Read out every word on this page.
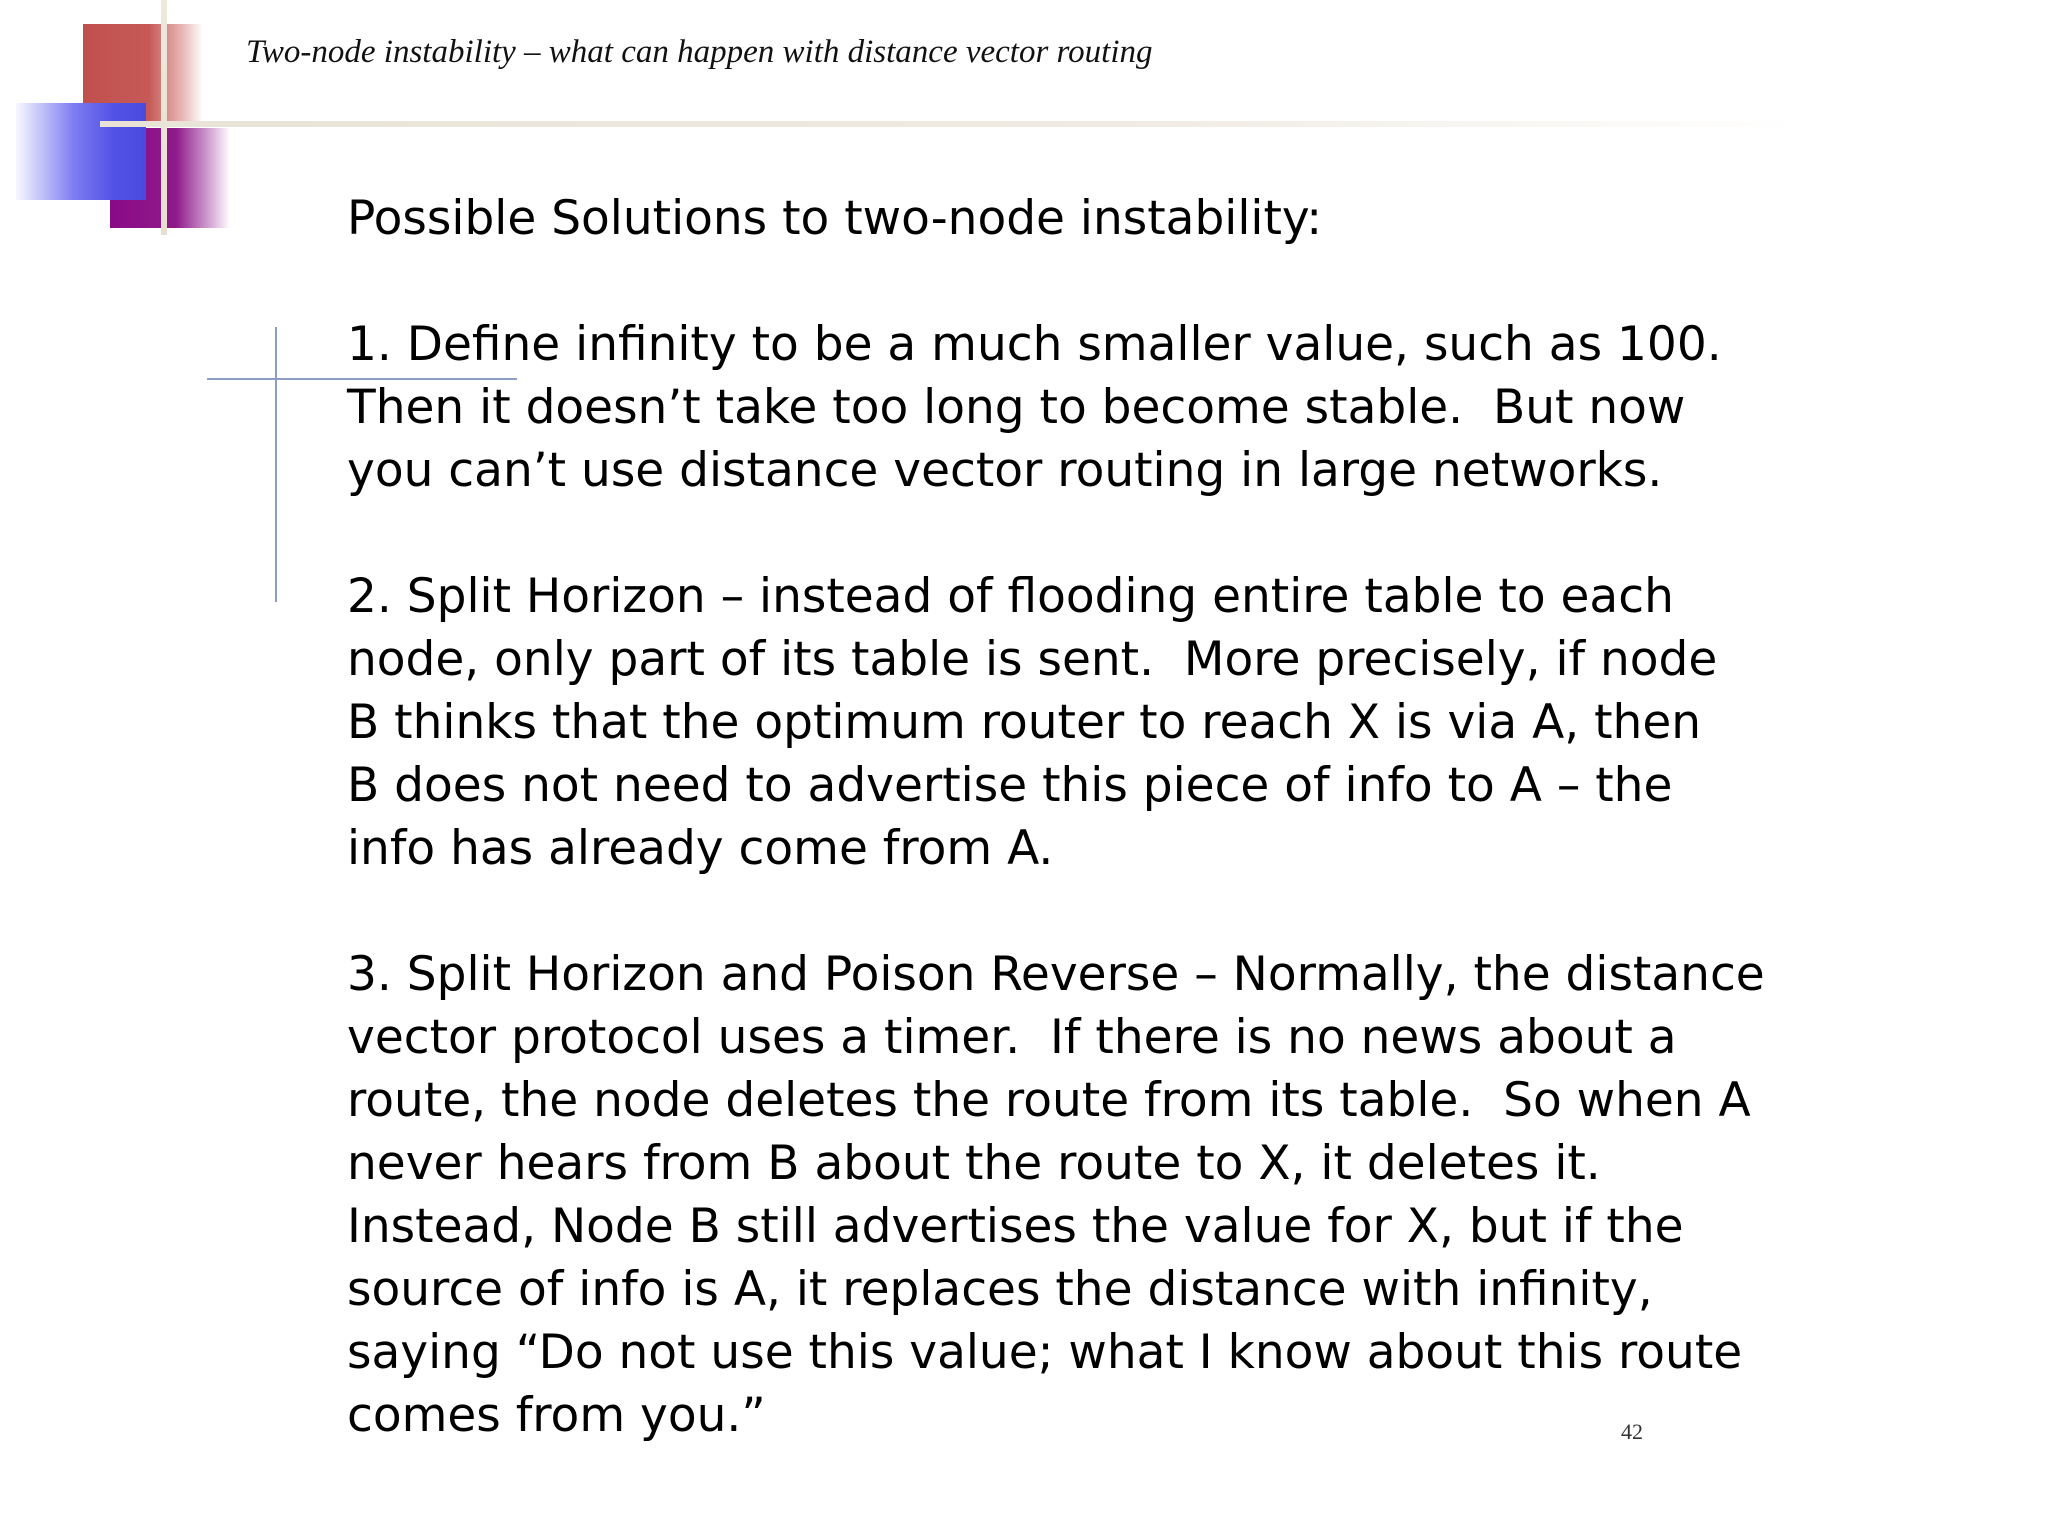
Two-node instability – what can happen with distance vector routing

Possible Solutions to two-node instability:

1. Define infinity to be a much smaller value, such as 100.
Then it doesn’t take too long to become stable.  But now
you can’t use distance vector routing in large networks.

2. Split Horizon – instead of flooding entire table to each
node, only part of its table is sent.  More precisely, if node
B thinks that the optimum router to reach X is via A, then
B does not need to advertise this piece of info to A – the
info has already come from A.

3. Split Horizon and Poison Reverse – Normally, the distance
vector protocol uses a timer.  If there is no news about a
route, the node deletes the route from its table.  So when A
never hears from B about the route to X, it deletes it.
Instead, Node B still advertises the value for X, but if the
source of info is A, it replaces the distance with infinity,
saying “Do not use this value; what I know about this route
comes from you.”	42
